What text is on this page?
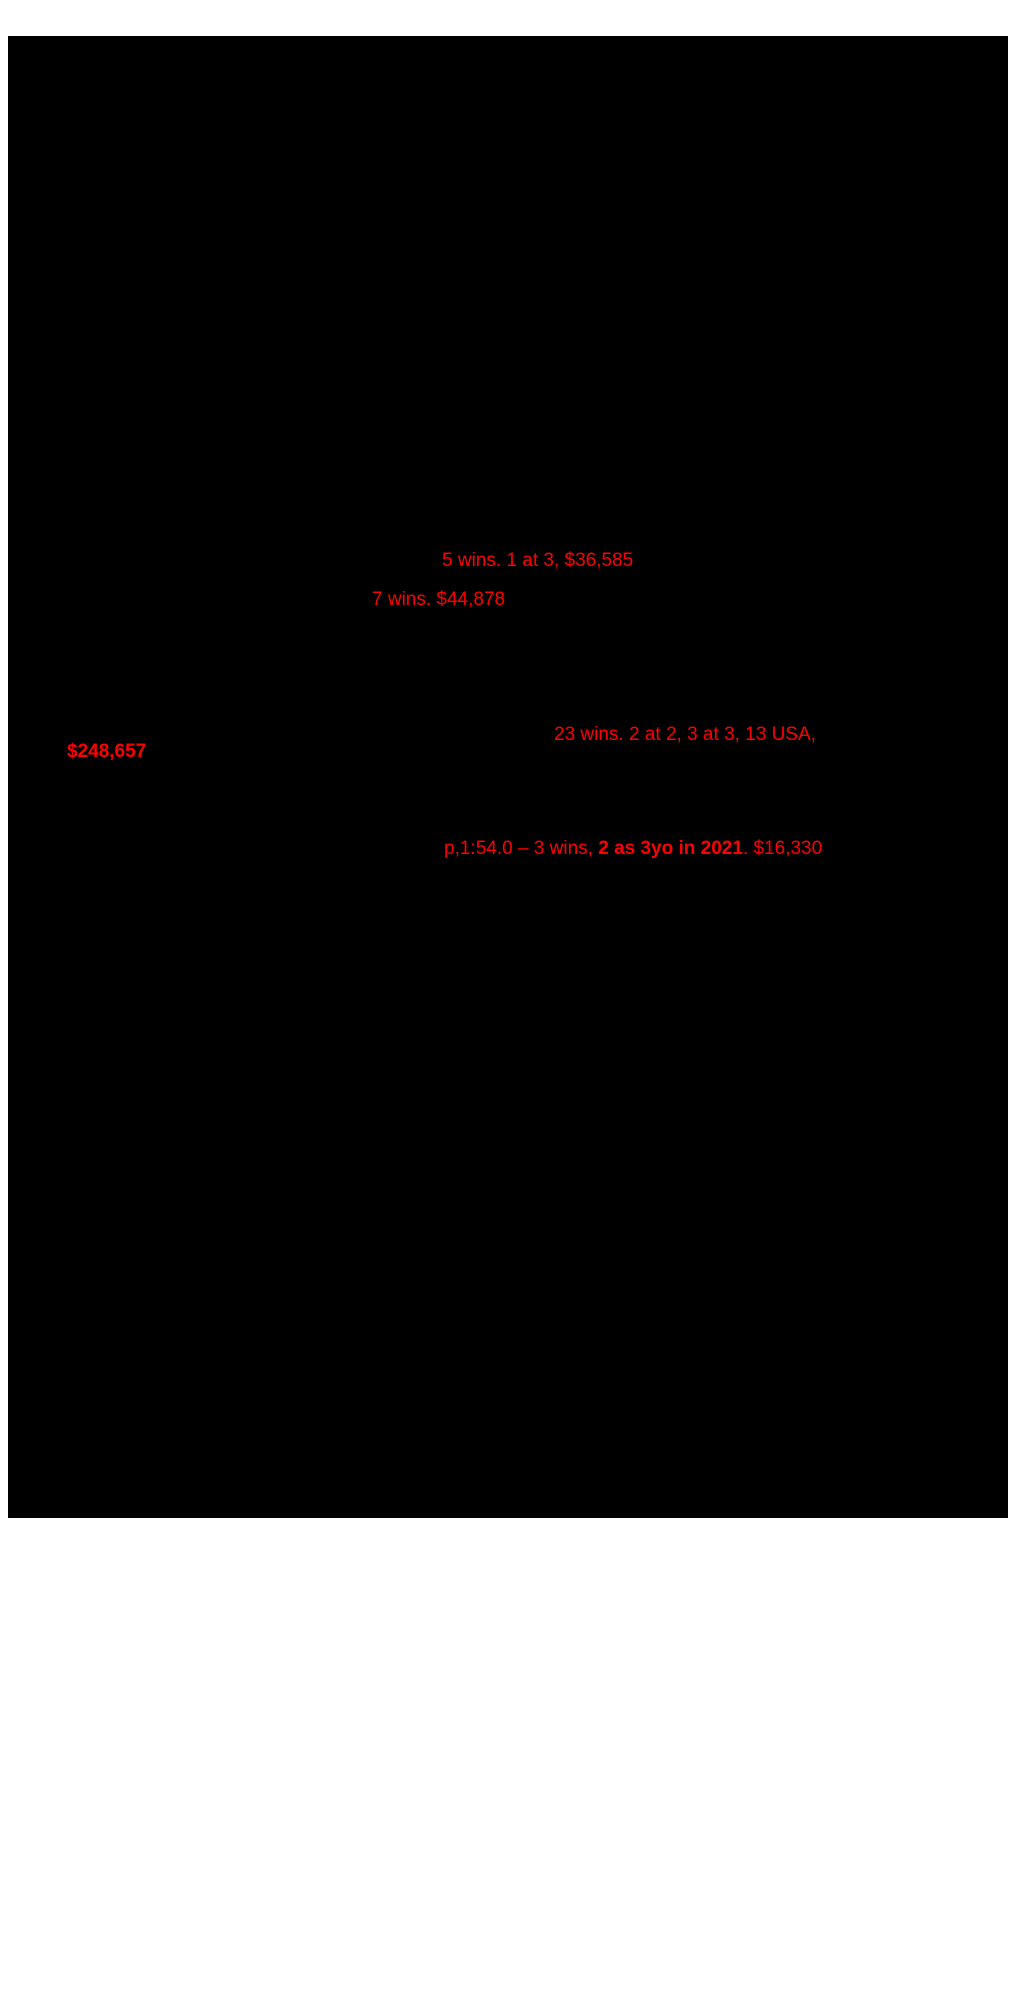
5 wins. 1 at 3, $36,585
7 wins. $44,878
$248,657
23 wins. 2 at 2, 3 at 3, 13 USA,
p,1:54.0 – 3 wins, 2 as 3yo in 2021. $16,330
